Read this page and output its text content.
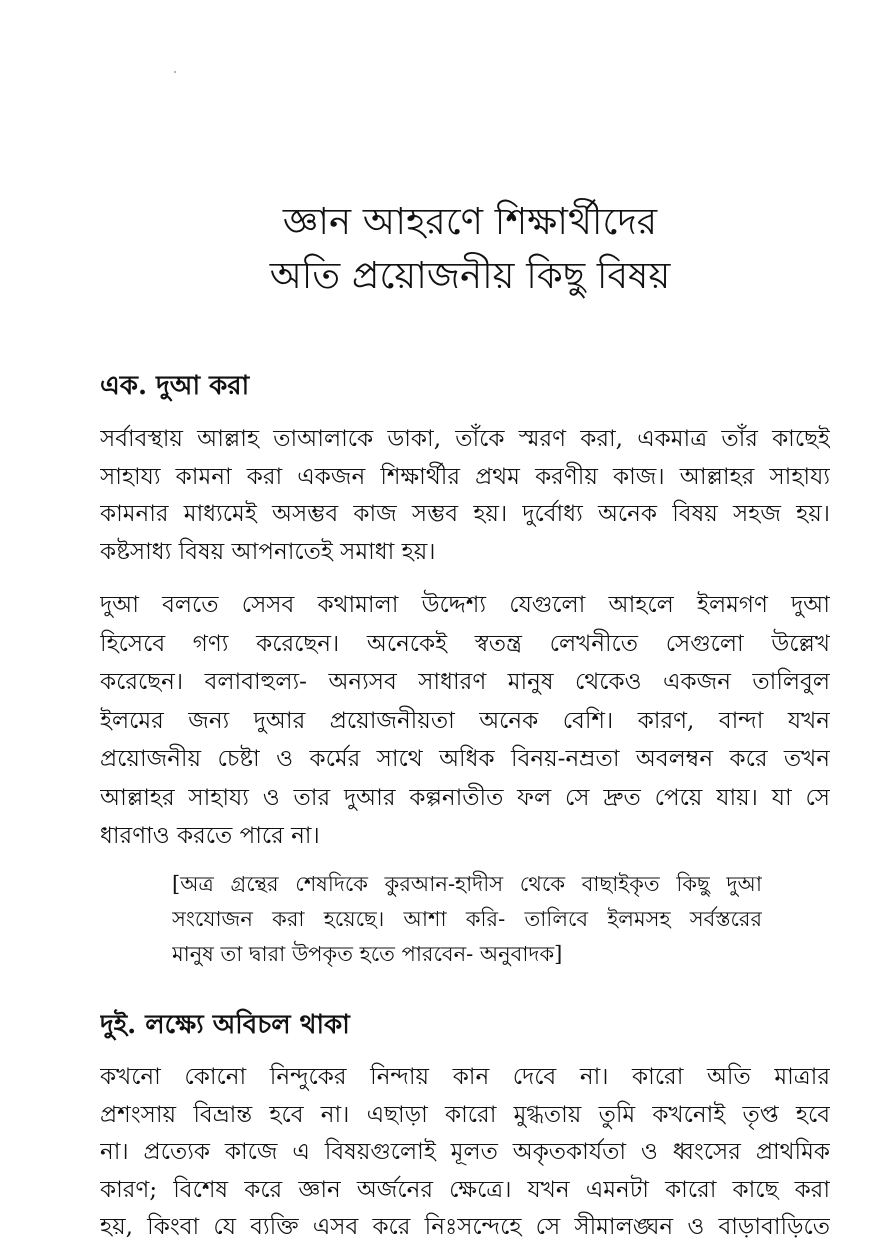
জ্ঞান আহরণে শিক্ষার্থীদের
অতি প্রয়োজনীয় কিছু বিষয়
এক. দুআ করা
সর্বাবস্থায় আল্লাহ তাআলাকে ডাকা, তাঁকে স্মরণ করা, একমাত্র তাঁর কাছেই
সাহায্য কামনা করা একজন শিক্ষার্থীর প্রথম করণীয় কাজ। আল্লাহর সাহায্য
কামনার মাধ্যমেই অসম্ভব কাজ সম্ভব হয়। দুর্বোধ্য অনেক বিষয় সহজ হয়।
কষ্টসাধ্য বিষয় আপনাতেই সমাধা হয়।
দুআ বলতে সেসব কথামালা উদ্দেশ্য যেগুলো আহলে ইলমগণ দুআ
হিসেবে গণ্য করেছেন। অনেকেই স্বতন্ত্র লেখনীতে সেগুলো উল্লেখ
করেছেন। বলাবাহুল্য- অন্যসব সাধারণ মানুষ থেকেও একজন তালিবুল
ইলমের জন্য দুআর প্রয়োজনীয়তা অনেক বেশি। কারণ, বান্দা যখন
প্রয়োজনীয় চেষ্টা ও কর্মের সাথে অধিক বিনয়-নম্রতা অবলম্বন করে তখন
আল্লাহর সাহায্য ও তার দুআর কল্পনাতীত ফল সে দ্রুত পেয়ে যায়। যা সে
ধারণাও করতে পারে না।
[অত্র গ্রন্থের শেষদিকে কুরআন-হাদীস থেকে বাছাইকৃত কিছু দুআ
সংযোজন করা হয়েছে। আশা করি- তালিবে ইলমসহ সর্বস্তরের
মানুষ তা দ্বারা উপকৃত হতে পারবেন- অনুবাদক]
দুই. লক্ষ্যে অবিচল থাকা
কখনো কোনো নিন্দুকের নিন্দায় কান দেবে না। কারো অতি মাত্রার
প্রশংসায় বিভ্রান্ত হবে না। এছাড়া কারো মুগ্ধতায় তুমি কখনোই তৃপ্ত হবে
না। প্রত্যেক কাজে এ বিষয়গুলোই মূলত অকৃতকার্যতা ও ধ্বংসের প্রাথমিক
কারণ; বিশেষ করে জ্ঞান অর্জনের ক্ষেত্রে। যখন এমনটা কারো কাছে করা
হয়, কিংবা যে ব্যক্তি এসব করে নিঃসন্দেহে সে সীমালঙ্ঘন ও বাড়াবাড়িতে
